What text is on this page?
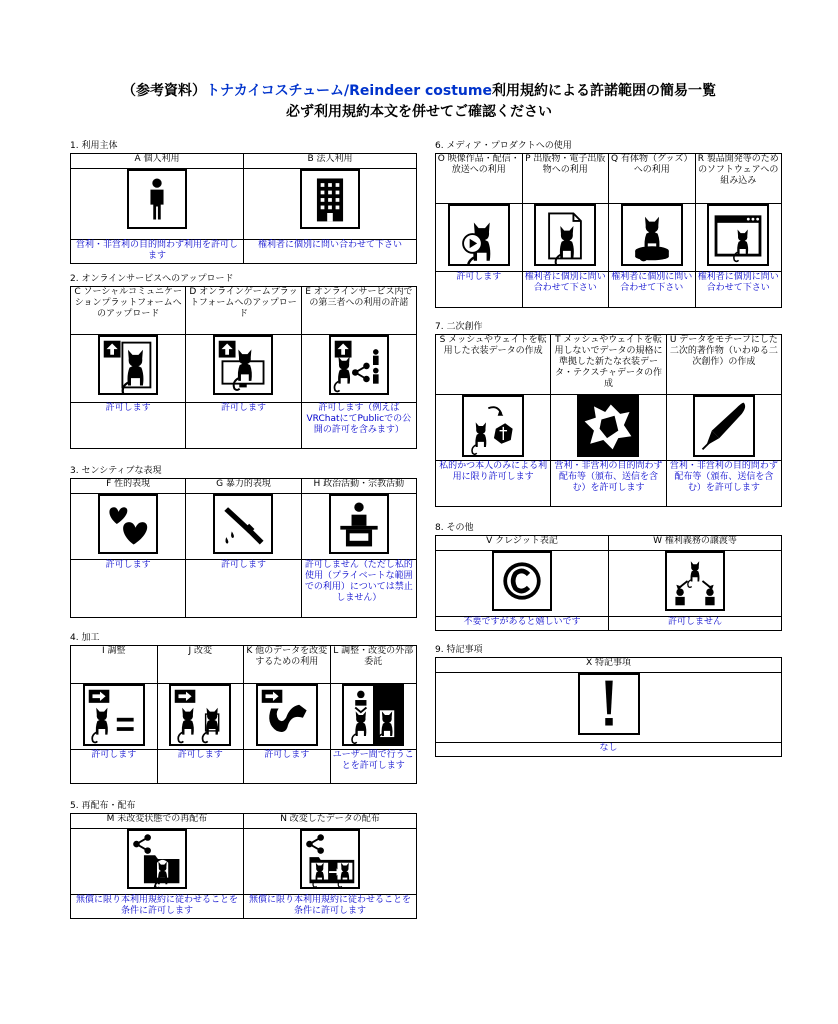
（参考資料）トナカイコスチューム/Reindeer costume利用規約による許諾範囲の簡易一覧
必ず利用規約本文を併せてご確認ください
1. 利用主体
A 個人利用	B 法人利用

営利・非営利の目的問わず利用を許可します	権利者に個別に問い合わせて下さい
2. オンラインサービスへのアップロード
C ソーシャルコミュニケーションプラットフォームへのアップロード	D オンラインゲームプラットフォームへのアップロード	E オンラインサービス内での第三者への利用の許諾

許可します	許可します	許可します（例えばVRChatにてPublicでの公開の許可を含みます）
3. センシティブな表現
F 性的表現	G 暴力的表現	H 政治活動・宗教活動

許可します	許可します	許可しません（ただし私的使用（プライベートな範囲での利用）については禁止しません）
4. 加工
I 調整	J 改変	K 他のデータを改変するための利用	L 調整・改変の外部委託

許可します	許可します	許可します	ユーザー間で行うことを許可します
5. 再配布・配布
M 未改変状態での再配布	N 改変したデータの配布

無償に限り本利用規約に従わせることを条件に許可します	無償に限り本利用規約に従わせることを条件に許可します
6. メディア・プロダクトへの使用
O 映像作品・配信・放送への利用	P 出版物・電子出版物への利用	Q 有体物（グッズ）への利用	R 製品開発等のためのソフトウェアへの組み込み

許可します	権利者に個別に問い合わせて下さい	権利者に個別に問い合わせて下さい	権利者に個別に問い合わせて下さい
7. 二次創作
S メッシュやウェイトを転用した衣装データの作成	T メッシュやウェイトを転用しないでデータの規格に準拠した新たな衣装データ・テクスチャデータの作成	U データをモチーフにした二次的著作物（いわゆる二次創作）の作成

私的かつ本人のみによる利用に限り許可します	営利・非営利の目的問わず配布等（頒布、送信を含む）を許可します	営利・非営利の目的問わず配布等（頒布、送信を含む）を許可します
8. その他
V クレジット表記	W 権利義務の譲渡等

不要ですがあると嬉しいです	許可しません
9. 特記事項
X 特記事項

なし
